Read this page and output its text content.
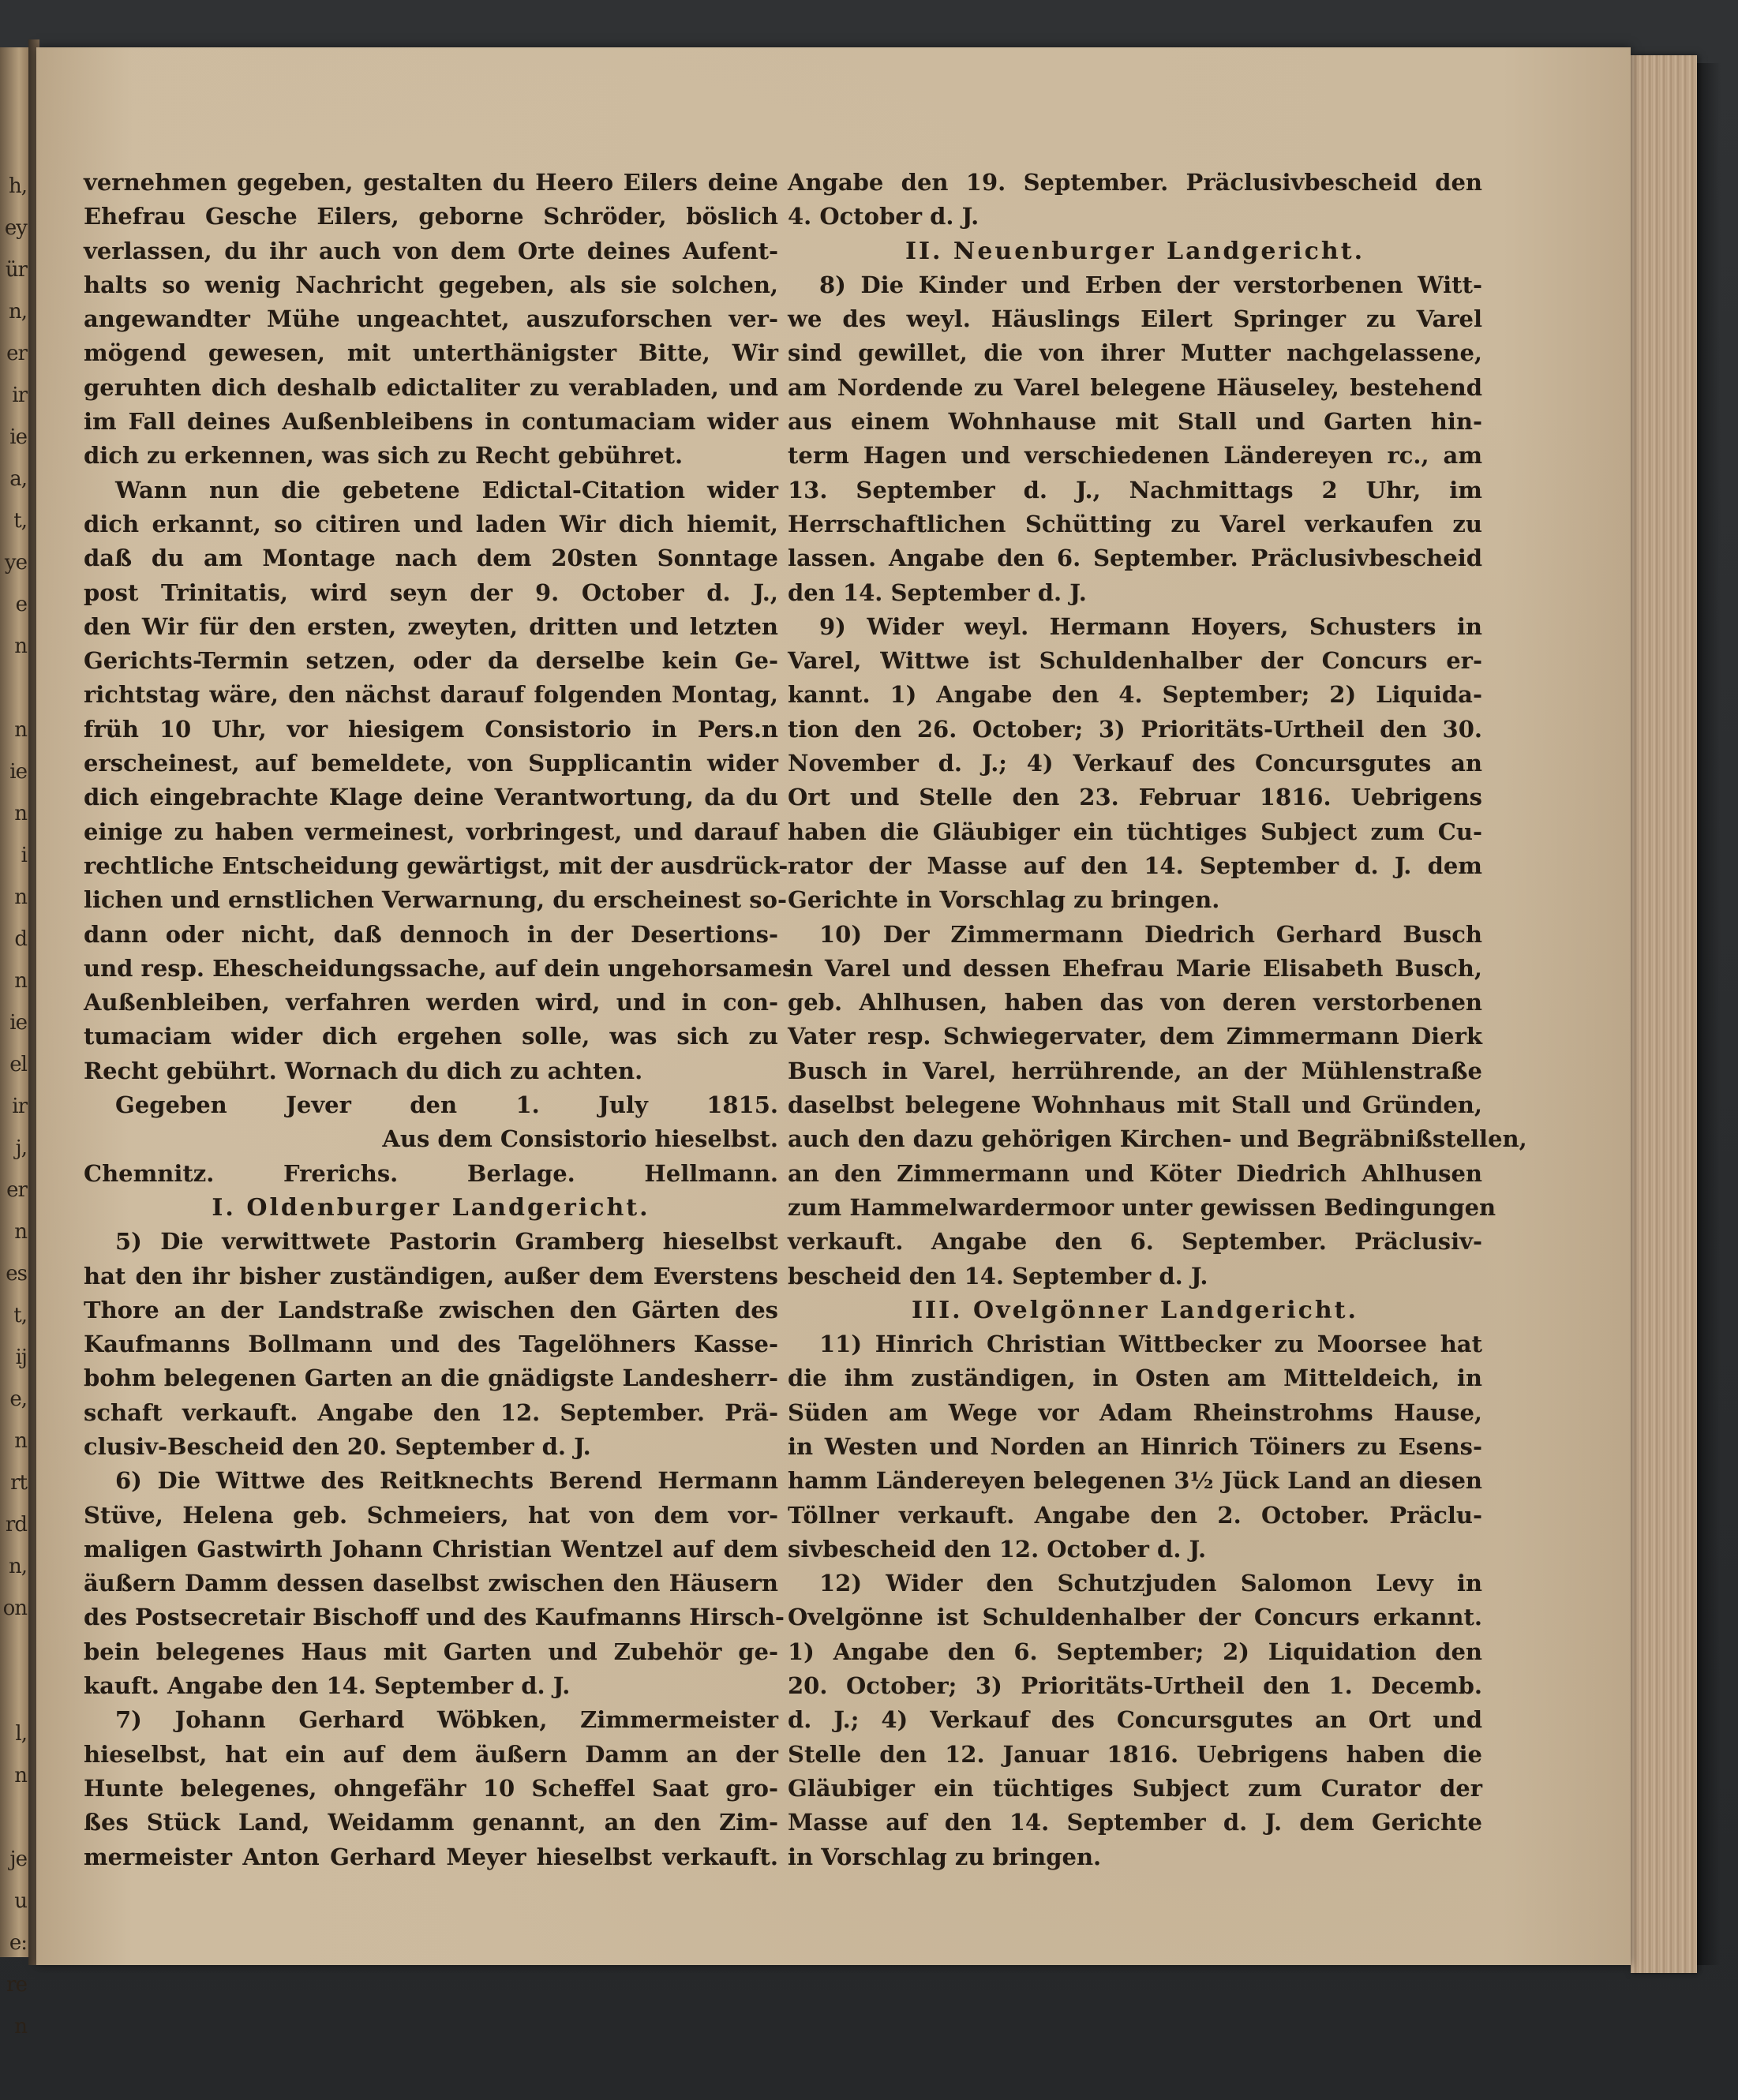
h,
ey
ür
n,
er
ir
ie
a,
t,
ye
e
n

n
ie
n
i
n
d
n
ie
el
ir
j,
er
n
es
t,
ij
e,
n
rt
rd
n,
on

l,
n

je
u
e:
re
n
vernehmen gegeben, gestalten du Heero Eilers deine
Ehefrau Gesche Eilers, geborne Schröder, böslich
verlassen, du ihr auch von dem Orte deines Aufent-
halts so wenig Nachricht gegeben, als sie solchen,
angewandter Mühe ungeachtet, auszuforschen ver-
mögend gewesen, mit unterthänigster Bitte, Wir
geruhten dich deshalb edictaliter zu verabladen, und
im Fall deines Außenbleibens in contumaciam wider
dich zu erkennen, was sich zu Recht gebühret.
Wann nun die gebetene Edictal-Citation wider
dich erkannt, so citiren und laden Wir dich hiemit,
daß du am Montage nach dem 20sten Sonntage
post Trinitatis, wird seyn der 9. October d. J.,
den Wir für den ersten, zweyten, dritten und letzten
Gerichts-Termin setzen, oder da derselbe kein Ge-
richtstag wäre, den nächst darauf folgenden Montag,
früh 10 Uhr, vor hiesigem Consistorio in Pers.n
erscheinest, auf bemeldete, von Supplicantin wider
dich eingebrachte Klage deine Verantwortung, da du
einige zu haben vermeinest, vorbringest, und darauf
rechtliche Entscheidung gewärtigst, mit der ausdrück-
lichen und ernstlichen Verwarnung, du erscheinest so-
dann oder nicht, daß dennoch in der Desertions-
und resp. Ehescheidungssache, auf dein ungehorsames
Außenbleiben, verfahren werden wird, und in con-
tumaciam wider dich ergehen solle, was sich zu
Recht gebührt. Wornach du dich zu achten.
Gegeben Jever den 1. July 1815.
Aus dem Consistorio hieselbst.
Chemnitz. Frerichs. Berlage. Hellmann.
I. Oldenburger Landgericht.
5) Die verwittwete Pastorin Gramberg hieselbst
hat den ihr bisher zuständigen, außer dem Everstens
Thore an der Landstraße zwischen den Gärten des
Kaufmanns Bollmann und des Tagelöhners Kasse-
bohm belegenen Garten an die gnädigste Landesherr-
schaft verkauft. Angabe den 12. September. Prä-
clusiv-Bescheid den 20. September d. J.
6) Die Wittwe des Reitknechts Berend Hermann
Stüve, Helena geb. Schmeiers, hat von dem vor-
maligen Gastwirth Johann Christian Wentzel auf dem
äußern Damm dessen daselbst zwischen den Häusern
des Postsecretair Bischoff und des Kaufmanns Hirsch-
bein belegenes Haus mit Garten und Zubehör ge-
kauft. Angabe den 14. September d. J.
7) Johann Gerhard Wöbken, Zimmermeister
hieselbst, hat ein auf dem äußern Damm an der
Hunte belegenes, ohngefähr 10 Scheffel Saat gro-
ßes Stück Land, Weidamm genannt, an den Zim-
mermeister Anton Gerhard Meyer hieselbst verkauft.
Angabe den 19. September. Präclusivbescheid den
4. October d. J.
II. Neuenburger Landgericht.
8) Die Kinder und Erben der verstorbenen Witt-
we des weyl. Häuslings Eilert Springer zu Varel
sind gewillet, die von ihrer Mutter nachgelassene,
am Nordende zu Varel belegene Häuseley, bestehend
aus einem Wohnhause mit Stall und Garten hin-
term Hagen und verschiedenen Ländereyen rc., am
13. September d. J., Nachmittags 2 Uhr, im
Herrschaftlichen Schütting zu Varel verkaufen zu
lassen. Angabe den 6. September. Präclusivbescheid
den 14. September d. J.
9) Wider weyl. Hermann Hoyers, Schusters in
Varel, Wittwe ist Schuldenhalber der Concurs er-
kannt. 1) Angabe den 4. September; 2) Liquida-
tion den 26. October; 3) Prioritäts-Urtheil den 30.
November d. J.; 4) Verkauf des Concursgutes an
Ort und Stelle den 23. Februar 1816. Uebrigens
haben die Gläubiger ein tüchtiges Subject zum Cu-
rator der Masse auf den 14. September d. J. dem
Gerichte in Vorschlag zu bringen.
10) Der Zimmermann Diedrich Gerhard Busch
in Varel und dessen Ehefrau Marie Elisabeth Busch,
geb. Ahlhusen, haben das von deren verstorbenen
Vater resp. Schwiegervater, dem Zimmermann Dierk
Busch in Varel, herrührende, an der Mühlenstraße
daselbst belegene Wohnhaus mit Stall und Gründen,
auch den dazu gehörigen Kirchen- und Begräbnißstellen,
an den Zimmermann und Köter Diedrich Ahlhusen
zum Hammelwardermoor unter gewissen Bedingungen
verkauft. Angabe den 6. September. Präclusiv-
bescheid den 14. September d. J.
III. Ovelgönner Landgericht.
11) Hinrich Christian Wittbecker zu Moorsee hat
die ihm zuständigen, in Osten am Mitteldeich, in
Süden am Wege vor Adam Rheinstrohms Hause,
in Westen und Norden an Hinrich Töiners zu Esens-
hamm Ländereyen belegenen 3½ Jück Land an diesen
Töllner verkauft. Angabe den 2. October. Präclu-
sivbescheid den 12. October d. J.
12) Wider den Schutzjuden Salomon Levy in
Ovelgönne ist Schuldenhalber der Concurs erkannt.
1) Angabe den 6. September; 2) Liquidation den
20. October; 3) Prioritäts-Urtheil den 1. Decemb.
d. J.; 4) Verkauf des Concursgutes an Ort und
Stelle den 12. Januar 1816. Uebrigens haben die
Gläubiger ein tüchtiges Subject zum Curator der
Masse auf den 14. September d. J. dem Gerichte
in Vorschlag zu bringen.
